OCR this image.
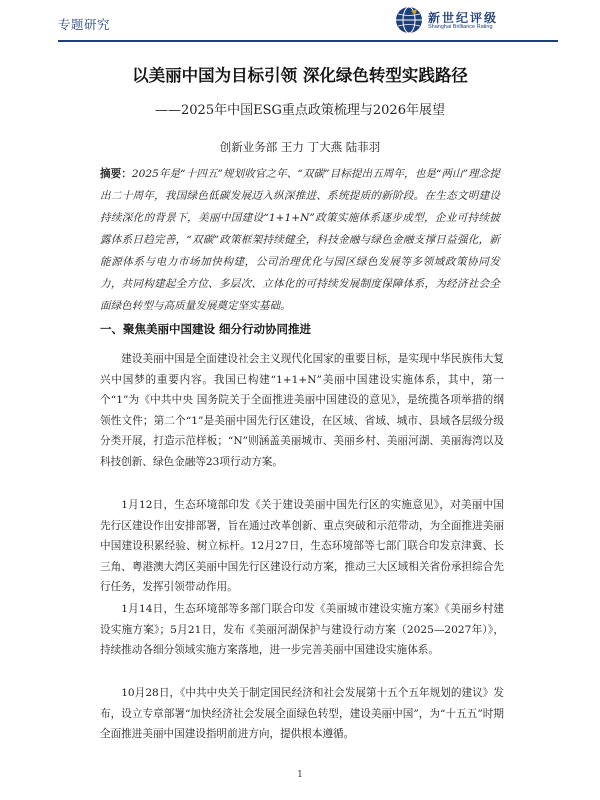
专题研究	新世纪评级
Shanghai Brilliance Rating
以美丽中国为目标引领 深化绿色转型实践路径
——2025年中国ESG重点政策梳理与2026年展望
创新业务部 王力 丁大燕 陆菲羽
摘要：2025年是“十四五”规划收官之年、“双碳”目标提出五周年，也是“两山”理念提出二十周年，我国绿色低碳发展迈入纵深推进、系统提质的新阶段。在生态文明建设持续深化的背景下，美丽中国建设“1+1+N”政策实施体系逐步成型，企业可持续披露体系日趋完善，“双碳”政策框架持续健全，科技金融与绿色金融支撑日益强化，新能源体系与电力市场加快构建，公司治理优化与园区绿色发展等多领域政策协同发力，共同构建起全方位、多层次、立体化的可持续发展制度保障体系，为经济社会全面绿色转型与高质量发展奠定坚实基础。
一、聚焦美丽中国建设 细分行动协同推进

建设美丽中国是全面建设社会主义现代化国家的重要目标，是实现中华民族伟大复兴中国梦的重要内容。我国已构建“1+1+N”美丽中国建设实施体系，其中，第一个“1”为《中共中央 国务院关于全面推进美丽中国建设的意见》，是统揽各项举措的纲领性文件；第二个“1”是美丽中国先行区建设，在区域、省域、城市、县域各层级分级分类开展，打造示范样板；“N”则涵盖美丽城市、美丽乡村、美丽河湖、美丽海湾以及科技创新、绿色金融等23项行动方案。

1月12日，生态环境部印发《关于建设美丽中国先行区的实施意见》，对美丽中国先行区建设作出安排部署，旨在通过改革创新、重点突破和示范带动，为全面推进美丽中国建设积累经验、树立标杆。12月27日，生态环境部等七部门联合印发京津冀、长三角、粤港澳大湾区美丽中国先行区建设行动方案，推动三大区域相关省份承担综合先行任务，发挥引领带动作用。

1月14日，生态环境部等多部门联合印发《美丽城市建设实施方案》《美丽乡村建设实施方案》；5月21日，发布《美丽河湖保护与建设行动方案（2025—2027年）》，持续推动各细分领域实施方案落地，进一步完善美丽中国建设实施体系。

10月28日，《中共中央关于制定国民经济和社会发展第十五个五年规划的建议》发布，设立专章部署“加快经济社会发展全面绿色转型，建设美丽中国”，为“十五五”时期全面推进美丽中国建设指明前进方向，提供根本遵循。

1
